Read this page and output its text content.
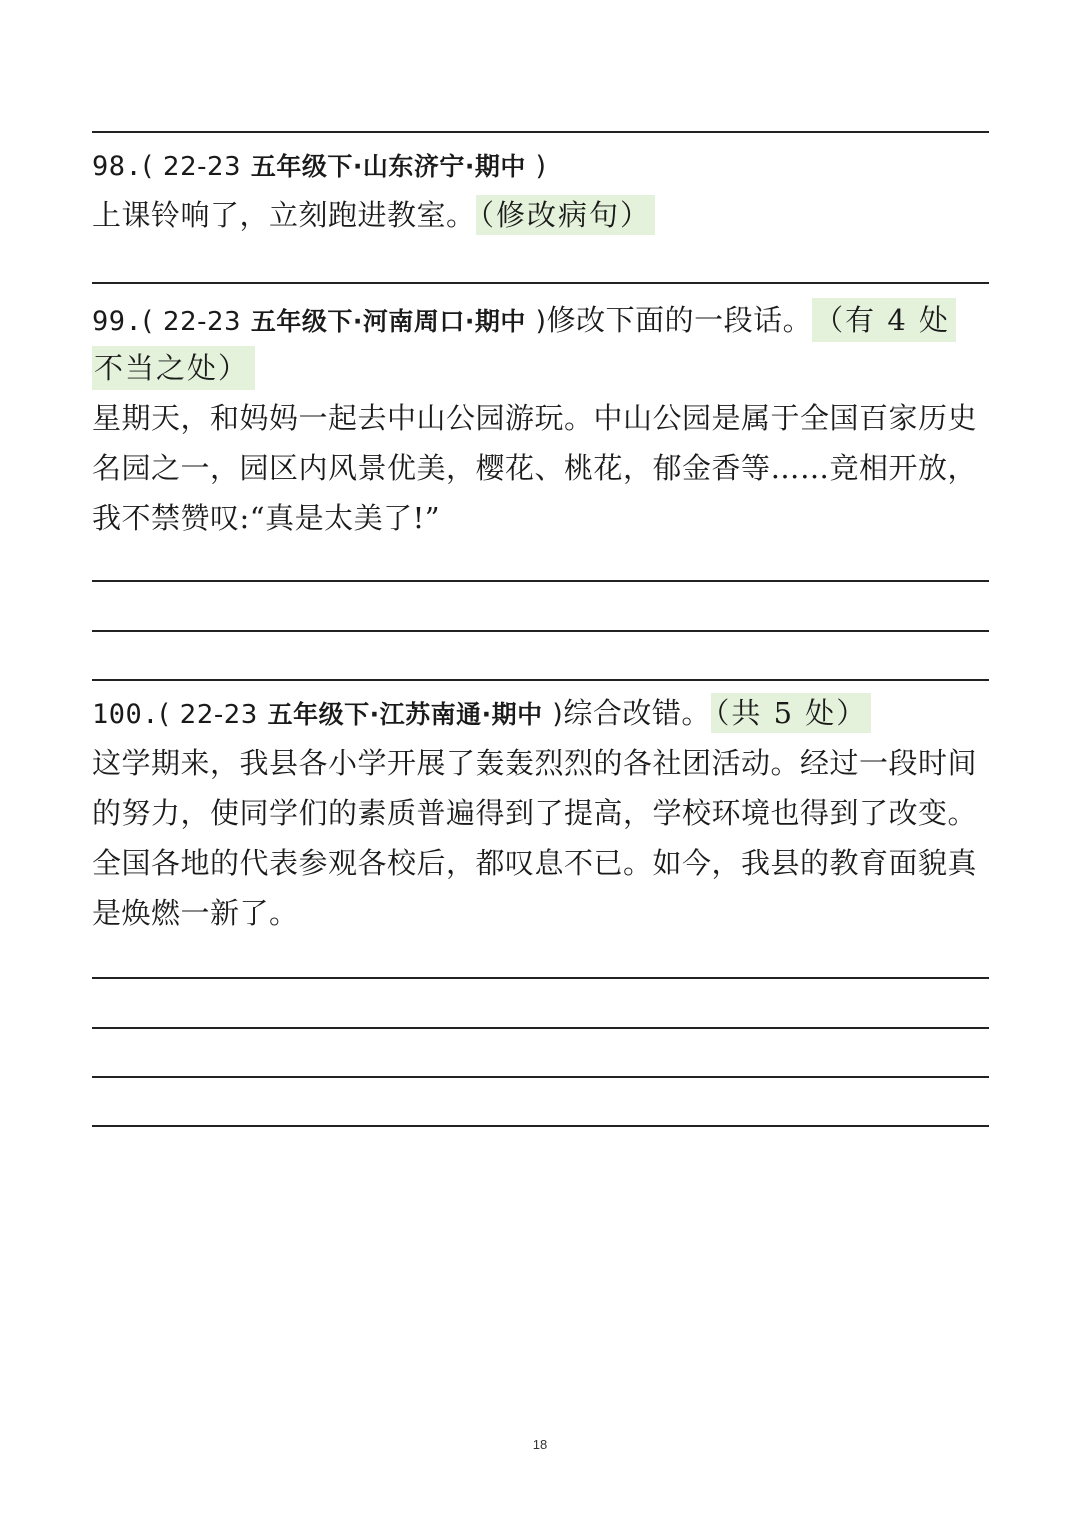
98.( 22-23 五年级下·山东济宁·期中 )
上课铃响了，立刻跑进教室。 （修改病句）
99.( 22-23 五年级下·河南周口·期中 )修改下面的一段话。（有 4 处
不当之处）
星期天，和妈妈一起去中山公园游玩。中山公园是属于全国百家历史
名园之一，园区内风景优美，樱花、桃花，郁金香等……竞相开放，
我不禁赞叹:“真是太美了!”
100.( 22-23 五年级下·江苏南通·期中 )综合改错。 （共 5 处）
这学期来，我县各小学开展了轰轰烈烈的各社团活动。经过一段时间
的努力，使同学们的素质普遍得到了提高，学校环境也得到了改变。
全国各地的代表参观各校后，都叹息不已。如今，我县的教育面貌真
是焕燃一新了。
18
